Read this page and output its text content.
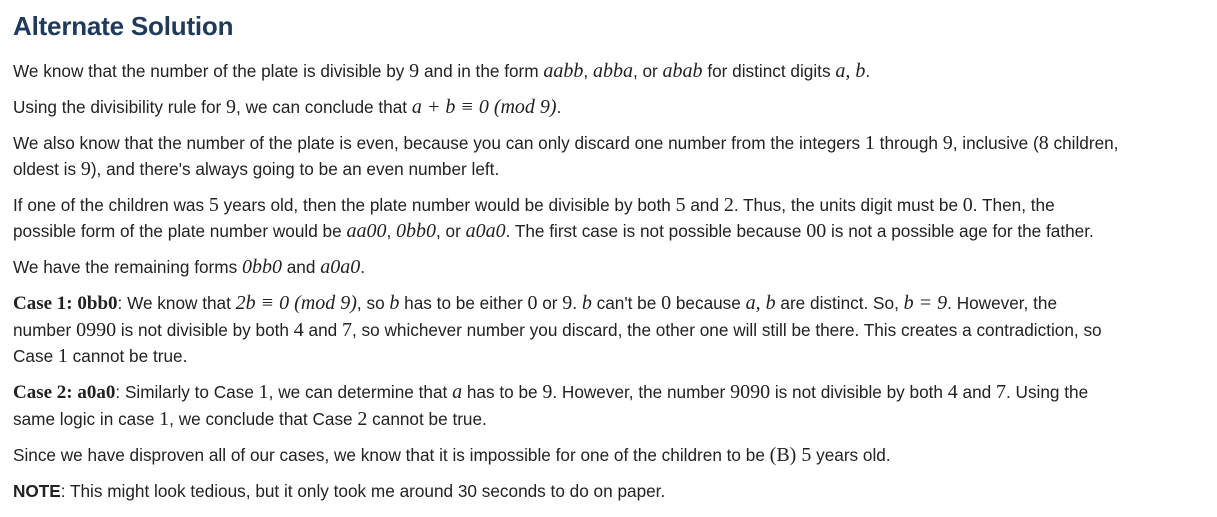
Alternate Solution

We know that the number of the plate is divisible by 9 and in the form aabb, abba, or abab for distinct digits a, b.

Using the divisibility rule for 9, we can conclude that a + b ≡ 0 (mod 9).

We also know that the number of the plate is even, because you can only discard one number from the integers 1 through 9, inclusive (8 children,
oldest is 9), and there's always going to be an even number left.

If one of the children was 5 years old, then the plate number would be divisible by both 5 and 2. Thus, the units digit must be 0. Then, the
possible form of the plate number would be aa00, 0bb0, or a0a0. The first case is not possible because 00 is not a possible age for the father.

We have the remaining forms 0bb0 and a0a0.

Case 1: 0bb0: We know that 2b ≡ 0 (mod 9), so b has to be either 0 or 9. b can't be 0 because a, b are distinct. So, b = 9. However, the
number 0990 is not divisible by both 4 and 7, so whichever number you discard, the other one will still be there. This creates a contradiction, so
Case 1 cannot be true.

Case 2: a0a0: Similarly to Case 1, we can determine that a has to be 9. However, the number 9090 is not divisible by both 4 and 7. Using the
same logic in case 1, we conclude that Case 2 cannot be true.

Since we have disproven all of our cases, we know that it is impossible for one of the children to be (B) 5 years old.

NOTE: This might look tedious, but it only took me around 30 seconds to do on paper.
